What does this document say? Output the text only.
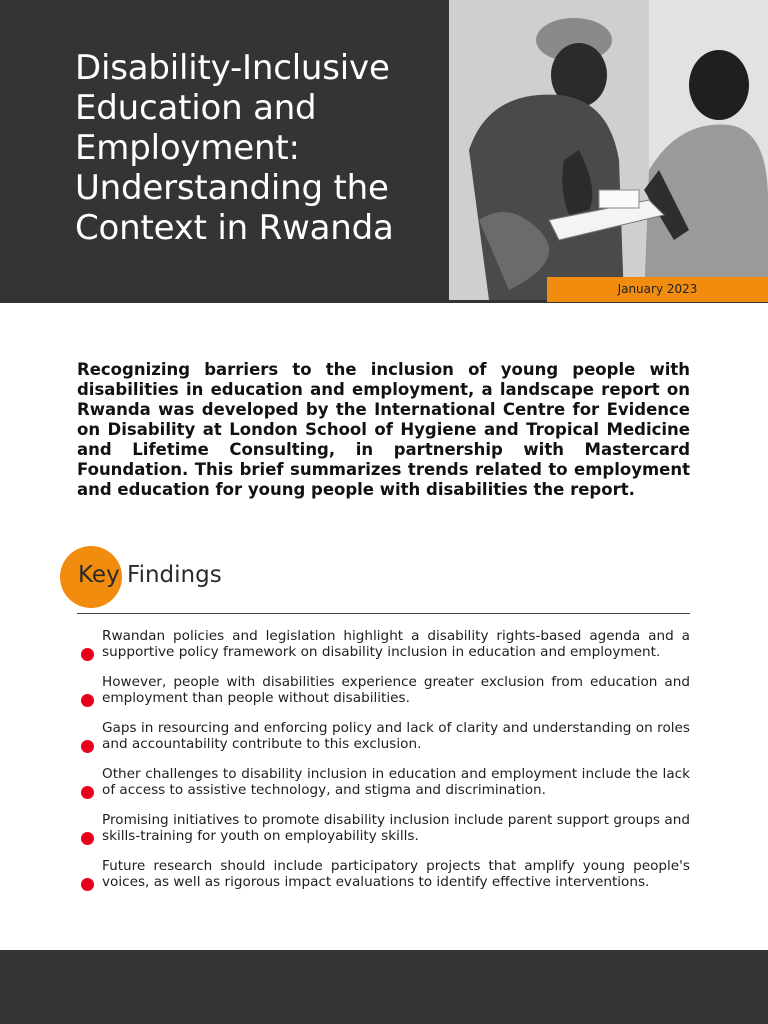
Disability-Inclusive Education and Employment: Understanding the Context in Rwanda
January 2023

Recognizing barriers to the inclusion of young people with disabilities in education and employment, a landscape report on Rwanda was developed by the International Centre for Evidence on Disability at London School of Hygiene and Tropical Medicine and Lifetime Consulting, in partnership with Mastercard Foundation. This brief summarizes trends related to employment and education for young people with disabilities the report.

Key Findings
Rwandan policies and legislation highlight a disability rights-based agenda and a supportive policy framework on disability inclusion in education and employment.
However, people with disabilities experience greater exclusion from education and employment than people without disabilities.
Gaps in resourcing and enforcing policy and lack of clarity and understanding on roles and accountability contribute to this exclusion.
Other challenges to disability inclusion in education and employment include the lack of access to assistive technology, and stigma and discrimination.
Promising initiatives to promote disability inclusion include parent support groups and skills-training for youth on employability skills.
Future research should include participatory projects that amplify young people's voices, as well as rigorous impact evaluations to identify effective interventions.
